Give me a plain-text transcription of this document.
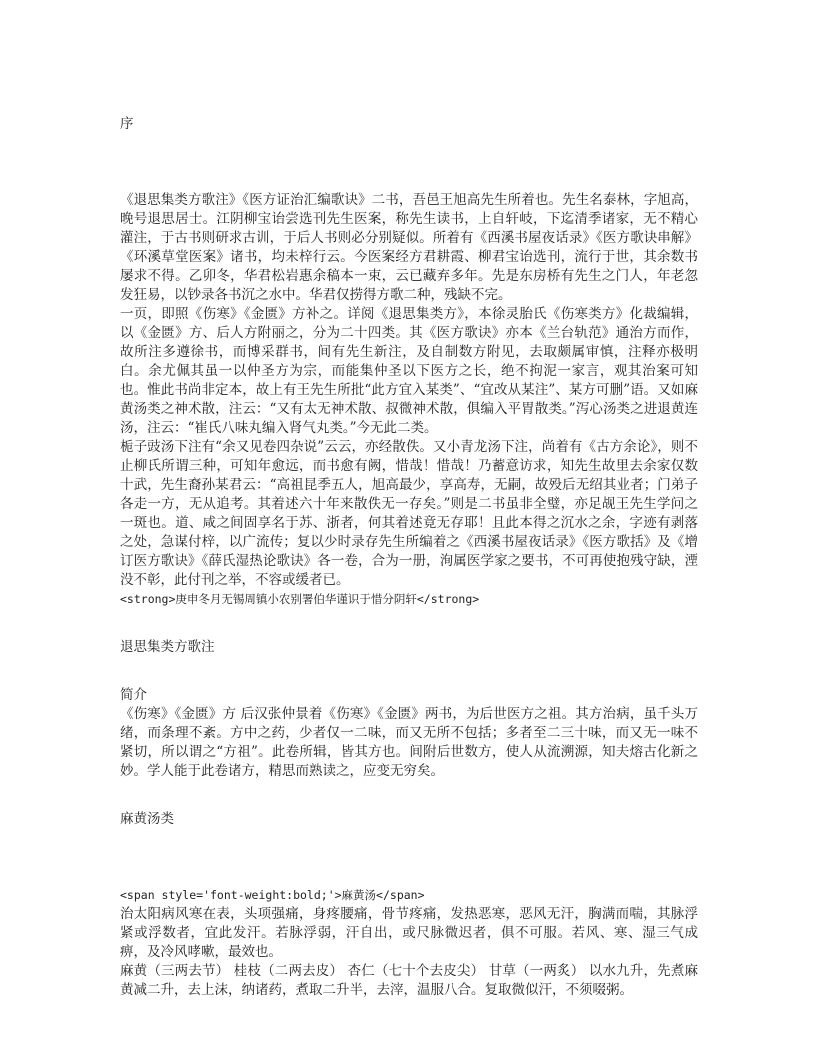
序

《退思集类方歌注》《医方证治汇编歌诀》二书，吾邑王旭高先生所着也。先生名泰林，字旭高，晚号退思居士。江阴柳宝诒尝选刊先生医案，称先生读书，上自轩岐，下迄清季诸家，无不精心灌注，于古书则研求古训，于后人书则必分别疑似。所着有《西溪书屋夜话录》《医方歌诀串解》《环溪草堂医案》诸书，均未梓行云。今医案经方君耕霞、柳君宝诒选刊，流行于世，其余数书屡求不得。乙卯冬，华君松岩惠余稿本一束，云已藏弃多年。先是东房桥有先生之门人，年老忽发狂易，以钞录各书沉之水中。华君仅捞得方歌二种，残缺不完。

一页，即照《伤寒》《金匮》方补之。详阅《退思集类方》，本徐灵胎氏《伤寒类方》化裁编辑，以《金匮》方、后人方附丽之，分为二十四类。其《医方歌诀》亦本《兰台轨范》通治方而作，故所注多遵徐书，而博采群书，间有先生新注，及自制数方附见，去取颇属审慎，注释亦极明白。余尤佩其虽一以仲圣方为宗，而能集仲圣以下医方之长，绝不拘泥一家言，观其治案可知也。惟此书尚非定本，故上有王先生所批“此方宜入某类”、“宜改从某注”、某方可删”语。又如麻黄汤类之神术散，注云：“又有太无神术散、叔微神术散，俱编入平胃散类。”泻心汤类之进退黄连汤，注云：“崔氏八味丸编入肾气丸类。”今无此二类。

栀子豉汤下注有“余又见卷四杂说”云云，亦经散佚。又小青龙汤下注，尚着有《古方余论》，则不止柳氏所谓三种，可知年愈远，而书愈有阙，惜哉！惜哉！乃蓄意访求，知先生故里去余家仅数十武，先生裔孙某君云：“高祖昆季五人，旭高最少，享高寿，无嗣，故殁后无绍其业者；门弟子各走一方，无从追考。其着述六十年来散佚无一存矣。”则是二书虽非全璧，亦足觇王先生学问之一斑也。道、咸之间固享名于苏、浙者，何其着述竟无存耶！且此本得之沉水之余，字迹有剥落之处，急谋付梓，以广流传；复以少时录存先生所编着之《西溪书屋夜话录》《医方歌括》及《增订医方歌诀》《薛氏湿热论歌诀》各一卷，合为一册，洵属医学家之要书，不可再使抱残守缺，湮没不彰，此付刊之举，不容或缓者已。

<strong>庚申冬月无锡周镇小农别署伯华谨识于惜分阴轩</strong>

退思集类方歌注
简介

《伤寒》《金匮》方 后汉张仲景着《伤寒》《金匮》两书，为后世医方之祖。其方治病，虽千头万绪，而条理不紊。方中之药，少者仅一二味，而又无所不包括；多者至二三十味，而又无一味不紧切，所以谓之“方祖”。此卷所辑，皆其方也。间附后世数方，使人从流溯源，知夫熔古化新之妙。学人能于此卷诸方，精思而熟读之，应变无穷矣。

麻黄汤类

<span style='font-weight:bold;'>麻黄汤</span>

治太阳病风寒在表，头项强痛，身疼腰痛，骨节疼痛，发热恶寒，恶风无汗，胸满而喘，其脉浮紧或浮数者，宜此发汗。若脉浮弱，汗自出，或尺脉微迟者，俱不可服。若风、寒、湿三气成痹，及冷风哮嗽，最效也。

麻黄（三两去节） 桂枝（二两去皮） 杏仁（七十个去皮尖） 甘草（一两炙） 以水九升，先煮麻黄减二升，去上沫，纳诸药，煮取二升半，去滓，温服八合。复取微似汗，不须啜粥。
